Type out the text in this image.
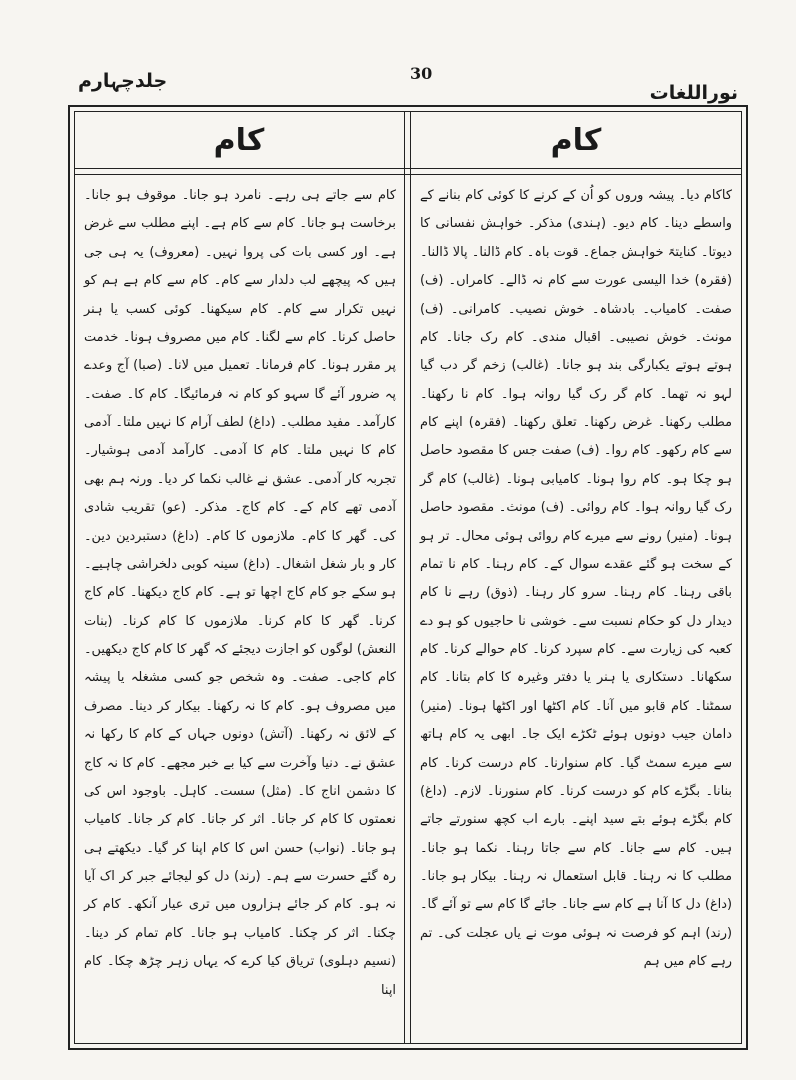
نوراللغات
30
جلدچہارم
کام
کام

کاکام دیا۔ پیشہ وروں کو اُن کے کرنے کا کوئی کام بنانے کے واسطے دینا۔ کام دیو۔ (ہندی) مذکر۔ خواہش نفسانی کا دیوتا۔ کنایتہً خواہش جماع۔ قوت باہ۔ کام ڈالنا۔ پالا ڈالنا۔ (فقرہ) خدا الیسی عورت سے کام نہ ڈالے۔ کامراں۔ (ف) صفت۔ کامیاب۔ بادشاہ۔ خوش نصیب۔ کامرانی۔ (ف) مونث۔ خوش نصیبی۔ اقبال مندی۔ کام رک جانا۔ کام ہوتے ہوتے یکبارگی بند ہو جانا۔ (غالب) زخم گر دب گیا لہو نہ تھما۔ کام گر رک گیا روانہ ہوا۔ کام نا رکھنا۔ مطلب رکھنا۔ غرض رکھنا۔ تعلق رکھنا۔ (فقرہ) اپنے کام سے کام رکھو۔ کام روا۔ (ف) صفت جس کا مقصود حاصل ہو چکا ہو۔ کام روا ہونا۔ کامیابی ہونا۔ (غالب) کام گر رک گیا روانہ ہوا۔ کام روائی۔ (ف) مونث۔ مقصود حاصل ہونا۔ (منیر) رونے سے میرے کام روائی ہوئی محال۔ تر ہو کے سخت ہو گئے عقدے سوال کے۔ کام رہنا۔ کام نا تمام باقی رہنا۔ کام رہنا۔ سرو کار رہنا۔ (ذوق) رہے نا کام دیدار دل کو حکام نسبت سے۔ خوشی نا حاجیوں کو ہو دے کعبہ کی زیارت سے۔ کام سپرد کرنا۔ کام حوالے کرنا۔ کام سکھانا۔ دستکاری یا ہنر یا دفتر وغیرہ کا کام بتانا۔ کام سمٹنا۔ کام قابو میں آنا۔ کام اکٹھا اور اکٹھا ہونا۔ (منیر) دامان جیب دونوں ہوئے ٹکڑے ایک جا۔ ابھی یہ کام ہاتھ سے میرے سمٹ گیا۔ کام سنوارنا۔ کام درست کرنا۔ کام بنانا۔ بگڑے کام کو درست کرنا۔ کام سنورنا۔ لازم۔ (داغ) کام بگڑے ہوئے بتے سید اپنے۔ بارے اب کچھ سنورتے جاتے ہیں۔ کام سے جانا۔ کام سے جاتا رہنا۔ نکما ہو جانا۔ مطلب کا نہ رہنا۔ قابل استعمال نہ رہنا۔ بیکار ہو جانا۔ (داغ) دل کا آنا ہے کام سے جانا۔ جائے گا کام سے تو آئے گا۔ (رند) اہم کو فرصت نہ ہوئی موت نے یاں عجلت کی۔ تم رہے کام میں ہم

کام سے جاتے ہی رہے۔ نامرد ہو جانا۔ موقوف ہو جانا۔ برخاست ہو جانا۔ کام سے کام ہے۔ اپنے مطلب سے غرض ہے۔ اور کسی بات کی پروا نہیں۔ (معروف) یہ ہی جی ہیں کہ پیچھے لب دلدار سے کام۔ کام سے کام ہے ہم کو نہیں تکرار سے کام۔ کام سیکھنا۔ کوئی کسب یا ہنر حاصل کرنا۔ کام سے لگنا۔ کام میں مصروف ہونا۔ خدمت پر مقرر ہونا۔ کام فرمانا۔ تعمیل میں لانا۔ (صبا) آج وعدے پہ ضرور آئے گا سہو کو کام نہ فرمائیگا۔ کام کا۔ صفت۔ کارآمد۔ مفید مطلب۔ (داغ) لطف آرام کا نہیں ملتا۔ آدمی کام کا نہیں ملتا۔ کام کا آدمی۔ کارآمد آدمی ہوشیار۔ تجربہ کار آدمی۔ عشق نے غالب نکما کر دیا۔ ورنہ ہم بھی آدمی تھے کام کے۔ کام کاج۔ مذکر۔ (عو) تقریب شادی کی۔ گھر کا کام۔ ملازموں کا کام۔ (داغ) دستبردین دین۔ کار و بار شغل اشغال۔ (داغ) سینہ کوبی دلخراشی چاہیے۔ ہو سکے جو کام کاج اچھا تو ہے۔ کام کاج دیکھنا۔ کام کاج کرنا۔ گھر کا کام کرنا۔ ملازموں کا کام کرنا۔ (بنات النعش) لوگوں کو اجازت دیجئے کہ گھر کا کام کاج دیکھیں۔ کام کاجی۔ صفت۔ وہ شخص جو کسی مشغلہ یا پیشہ میں مصروف ہو۔ کام کا نہ رکھنا۔ بیکار کر دینا۔ مصرف کے لائق نہ رکھنا۔ (آتش) دونوں جہاں کے کام کا رکھا نہ عشق نے۔ دنیا وآخرت سے کیا بے خبر مجھے۔ کام کا نہ کاج کا دشمن اناج کا۔ (مثل) سست۔ کاہل۔ باوجود اس کی نعمتوں کا کام کر جانا۔ اثر کر جانا۔ کام کر جانا۔ کامیاب ہو جانا۔ (نواب) حسن اس کا کام اپنا کر گیا۔ دیکھتے ہی رہ گئے حسرت سے ہم۔ (رند) دل کو لیجائے جبر کر اک آیا نہ ہو۔ کام کر جائے ہزاروں میں تری عیار آنکھ۔ کام کر چکنا۔ اثر کر چکنا۔ کامیاب ہو جانا۔ کام تمام کر دینا۔ (نسیم دہلوی) تریاق کیا کرے کہ یہاں زہر چڑھ چکا۔ کام اپنا
